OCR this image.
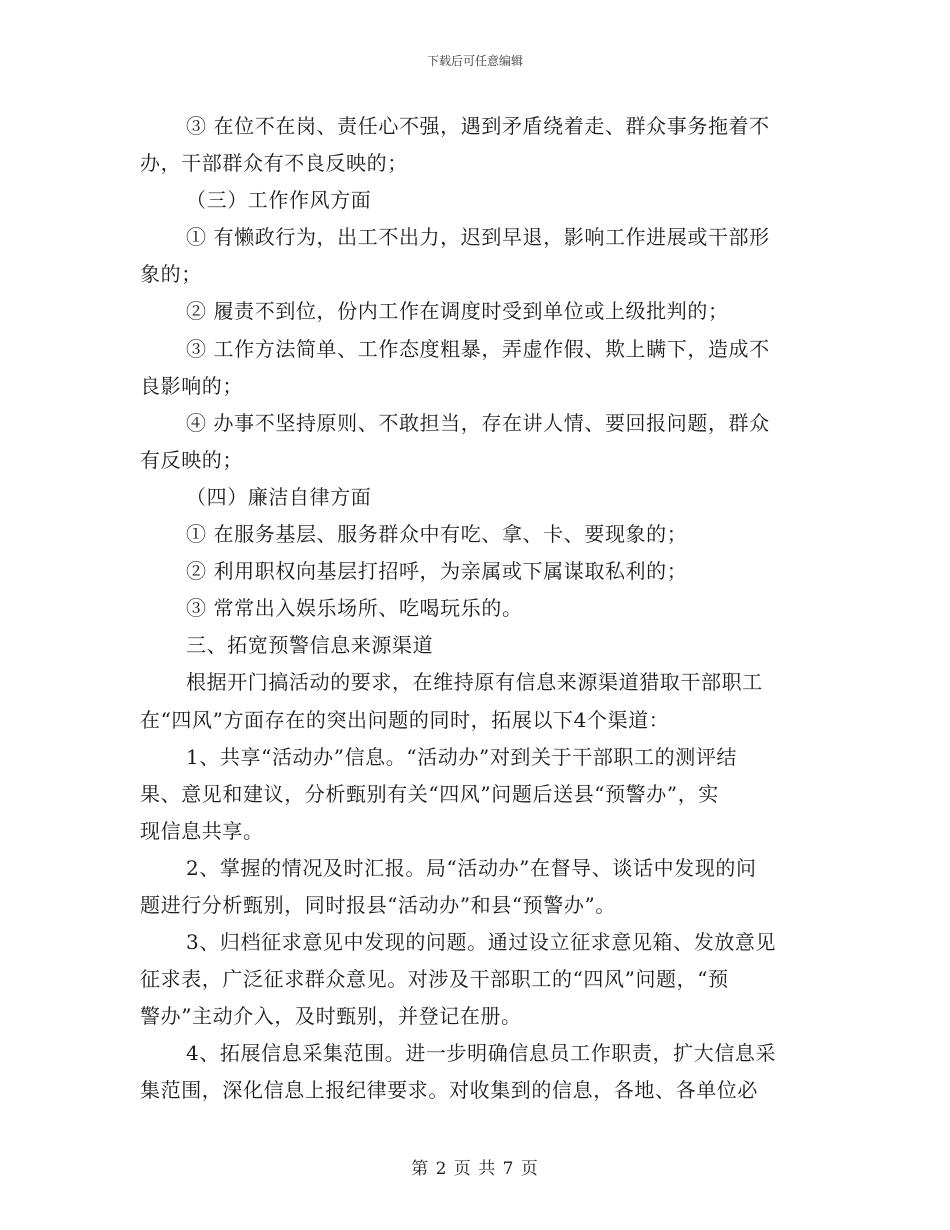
下载后可任意编辑
③ 在位不在岗、责任心不强，遇到矛盾绕着走、群众事务拖着不
办，干部群众有不良反映的；
（三）工作作风方面
① 有懒政行为，出工不出力，迟到早退，影响工作进展或干部形
象的；
② 履责不到位，份内工作在调度时受到单位或上级批判的；
③ 工作方法简单、工作态度粗暴，弄虚作假、欺上瞒下，造成不
良影响的；
④ 办事不坚持原则、不敢担当，存在讲人情、要回报问题，群众
有反映的；
（四）廉洁自律方面
① 在服务基层、服务群众中有吃、拿、卡、要现象的；
② 利用职权向基层打招呼，为亲属或下属谋取私利的；
③ 常常出入娱乐场所、吃喝玩乐的。
三、拓宽预警信息来源渠道
根据开门搞活动的要求，在维持原有信息来源渠道猎取干部职工
在“四风”方面存在的突出问题的同时，拓展以下4个渠道：
1、共享“活动办”信息。“活动办”对到关于干部职工的测评结
果、意见和建议，分析甄别有关“四风”问题后送县“预警办”，实
现信息共享。
2、掌握的情况及时汇报。局“活动办”在督导、谈话中发现的问
题进行分析甄别，同时报县“活动办”和县“预警办”。
3、归档征求意见中发现的问题。通过设立征求意见箱、发放意见
征求表，广泛征求群众意见。对涉及干部职工的“四风”问题，“预
警办”主动介入，及时甄别，并登记在册。
4、拓展信息采集范围。进一步明确信息员工作职责，扩大信息采
集范围，深化信息上报纪律要求。对收集到的信息，各地、各单位必
第 2 页 共 7 页
